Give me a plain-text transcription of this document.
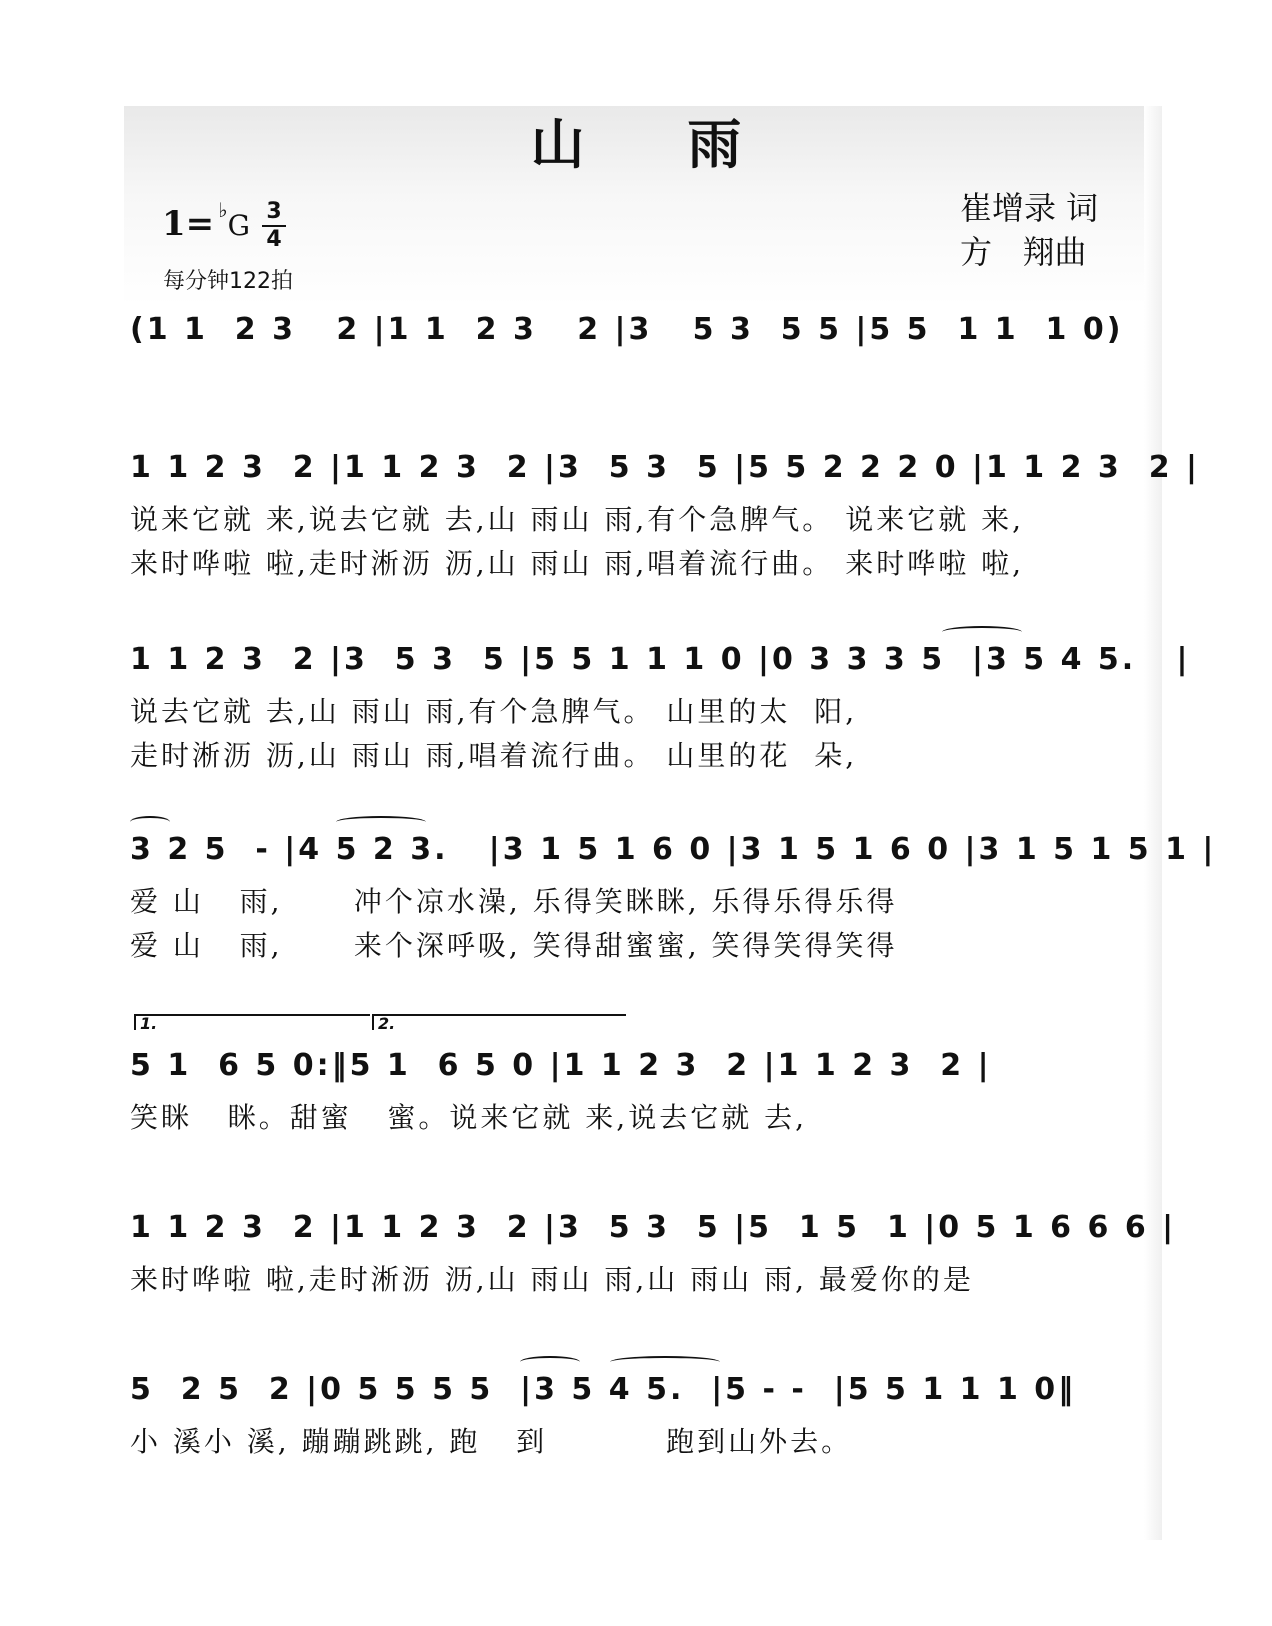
山 雨
1= ♭G 3
4
每分钟122拍
崔增录 词
方   翔曲
(1 1  2 3   2 |1 1  2 3   2 |3   5 3  5 5 |5 5  1 1  1 0)
1 1 2 3  2 |1 1 2 3  2 |3  5 3  5 |5 5 2 2 2 0 |1 1 2 3  2 |
说来它就 来,说去它就 去,山 雨山 雨,有个急脾气。 说来它就 来,
来时哗啦 啦,走时淅沥 沥,山 雨山 雨,唱着流行曲。 来时哗啦 啦,
1 1 2 3  2 |3  5 3  5 |5 5 1 1 1 0 |0 3 3 3 5  |3 5 4 5.   |
说去它就 去,山 雨山 雨,有个急脾气。 山里的太  阳,
走时淅沥 沥,山 雨山 雨,唱着流行曲。 山里的花  朵,
3 2 5  - |4 5 2 3.   |3 1 5 1 6 0 |3 1 5 1 6 0 |3 1 5 1 5 1 |
爱 山   雨,      冲个凉水澡, 乐得笑眯眯, 乐得乐得乐得
爱 山   雨,      来个深呼吸, 笑得甜蜜蜜, 笑得笑得笑得
1.	2.
5 1  6 5 0:‖5 1  6 5 0 |1 1 2 3  2 |1 1 2 3  2 |
笑眯   眯。甜蜜   蜜。说来它就 来,说去它就 去,
1 1 2 3  2 |1 1 2 3  2 |3  5 3  5 |5  1 5  1 |0 5 1 6 6 6 |
来时哗啦 啦,走时淅沥 沥,山 雨山 雨,山 雨山 雨, 最爱你的是
5  2 5  2 |0 5 5 5 5  |3 5 4 5.  |5 - -  |5 5 1 1 1 0‖
小 溪小 溪, 蹦蹦跳跳, 跑   到          跑到山外去。
